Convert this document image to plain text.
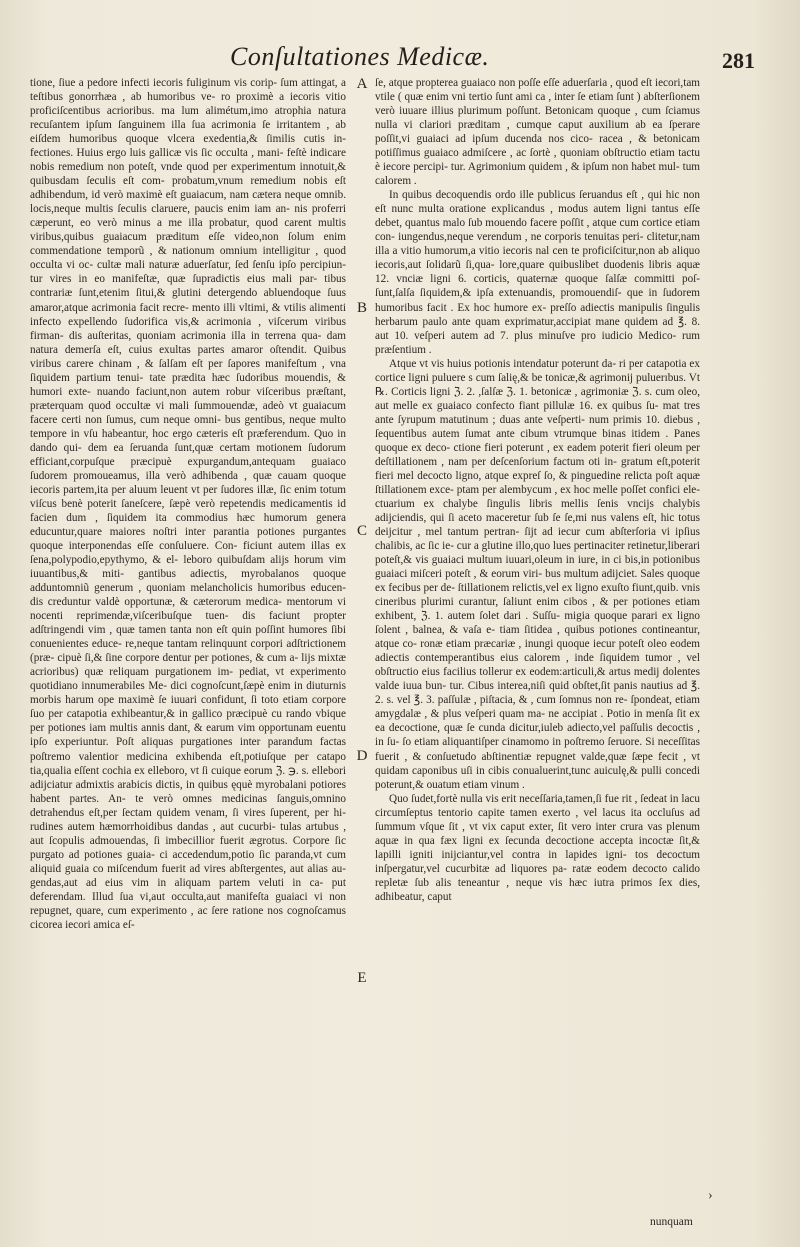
Conſultationes Medicæ.	281

tione, ſiue a pedore infecti iecoris fuliginum vis corip- ſum attingat, a teſtibus gonorrhæa , ab humoribus ve- ro proximè a iecoris vitio proficiſcentibus acrioribus. ma lum alimétum,imo atrophia natura recuſantem ipſum ſanguinem illa ſua acrimonia ſe irritantem , ab eiſdem humoribus quoque vlcera exedentia,& ſimilis cutis in- fectiones. Huius ergo luis gallicæ vis ſic occulta , mani- feſtè indicare nobis remedium non poteſt, vnde quod per experimentum innotuit,& quibusdam ſeculis eſt com- probatum,vnum remedium nobis eſt adhibendum, id verò maximè eſt guaiacum, nam cætera neque omnib. locis,neque multis ſeculis claruere, paucis enim iam an- nis proferri cæperunt, eo verò minus a me illa probatur, quod carent multis viribus,quibus guaiacum præditum eſſe video,non ſolum enim commendatione temporũ , & nationum omnium intelligitur , quod occulta vi oc- cultæ mali naturæ aduerſatur, ſed ſenſu ipſo percipiun- tur vires in eo manifeſtæ, quæ ſupradictis eius mali par- tibus contrariæ ſunt,etenim ſitui,& glutini detergendo abluendoque ſuus amaror,atque acrimonia facit recre- mento illi vltimi, & vtilis alimenti infecto expellendo ſudorifica vis,& acrimonia , viſcerum viribus firman- dis auſteritas, quoniam acrimonia illa in terrena qua- dam natura demerſa eſt, cuius exultas partes amaror oſtendit. Quibus viribus carere chinam , & ſalſam eſt per ſapores manifeſtum , vna ſiquidem partium tenui- tate prædita hæc ſudoribus mouendis, & humori exte- nuando faciunt,non autem robur viſceribus præſtant, præterquam quod occultæ vi mali ſummouendæ, adeò vt guaiacum facere certi non ſumus, cum neque omni- bus gentibus, neque multo tempore in vſu habeantur, hoc ergo cæteris eſt præferendum. Quo in dando qui- dem ea ſeruanda ſunt,quæ certam motionem ſudorum efficiant,corpuſque præcipuè expurgandum,antequam guaiaco ſudorem promoueamus, illa verò adhibenda , quæ cauam quoque iecoris partem,ita per aluum leuent vt per ſudores illæ, ſic enim totum viſcus benè poterit ſaneſcere, ſæpè verò repetendis medicamentis id facien dum , ſiquidem ita commodius hæc humorum genera educuntur,quare maiores noſtri inter parantia potiones purgantes quoque interponendas eſſe conſuluere. Con- ficiunt autem illas ex ſena,polypodio,epythymo, & el- leboro quibuſdam alijs horum vim iuuantibus,& miti- gantibus adiectis, myrobalanos quoque adduntomniũ generum , quoniam melancholicis humoribus educen- dis creduntur valdè opportunæ, & cæterorum medica- mentorum vi nocenti reprimendæ,viſceribuſque tuen- dis faciunt propter adſtringendi vim , quæ tamen tanta non eſt quin poſſint humores ſibi conuenientes educe- re,neque tantam relinquunt corpori adſtrictionem (præ- cipuè ſi,& ſine corpore dentur per potiones, & cum a- lijs mixtæ acrioribus) quæ reliquam purgationem im- pediat, vt experimento quotidiano innumerabiles Me- dici cognoſcunt,ſæpè enim in diuturnis morbis harum ope maximè ſe iuuari confidunt, ſi toto etiam corpore ſuo per catapotia exhibeantur,& in gallico præcipuè cu rando vbique per potiones iam multis annis dant, & earum vim opportunam euentu ipſo experiuntur. Poſt aliquas purgationes inter parandum factas poſtremo valentior medicina exhibenda eſt,potiuſque per catapo tia,qualia eſſent cochia ex elleboro, vt ſi cuique eorum ℨ. ℈. s. ellebori adijciatur admixtis arabicis dictis, in quibus ęquè myrobalani potiores habent partes. An- te verò omnes medicinas ſanguis,omnino detrahendus eſt,per ſectam quidem venam, ſi vires ſuperent, per hi- rudines autem hæmorrhoidibus dandas , aut cucurbi- tulas artubus , aut ſcopulis admouendas, ſi imbecillior fuerit ægrotus. Corpore ſic purgato ad potiones guaia- ci accedendum,potio ſic paranda,vt cum aliquid guaia co miſcendum fuerit ad vires abſtergentes, aut alias au- gendas,aut ad eius vim in aliquam partem veluti in ca- put deferendam. Illud ſua vi,aut occulta,aut manifeſta guaiaci vi non repugnet, quare, cum experimento , ac ſere ratione nos cognoſcamus cicorea iecori amica eſ-

A
B
C
D
E

ſe, atque propterea guaiaco non poſſe eſſe aduerſaria , quod eſt iecori,tam vtile ( quæ enim vni tertio ſunt ami ca , inter ſe etiam ſunt ) abſterſionem verò iuuare illius plurimum poſſunt. Betonicam quoque , cum ſciamus nulla vi clariori præditam , cumque caput auxilium ab ea ſperare poſſit,vi guaiaci ad ipſum ducenda nos cico- racea , & betonicam potiſſimus guaiaco admiſcere , ac ſortè , quoniam obſtructio etiam tactu è iecore percipi- tur. Agrimonium quidem , & ipſum non habet mul- tum calorem .

In quibus decoquendis ordo ille publicus ſeruandus eſt , qui hic non eſt nunc multa oratione explicandus , modus autem ligni tantus eſſe debet, quantus malo ſub mouendo facere poſſit , atque cum cortice etiam con- iungendus,neque verendum , ne corporis tenuitas peri- clitetur,nam illa a vitio humorum,a vitio iecoris nal cen te proficiſcitur,non ab aliquo iecoris,aut ſolidarũ ſi,qua- lore,quare quibuslibet duodenis libris aquæ 12. vnciæ ligni 6. corticis, quaternæ quoque ſalſæ committi poſ- ſunt,ſalſa ſiquidem,& ipſa extenuandis, promouendiſ- que in ſudorem humoribus facit . Ex hoc humore ex- preſſo adiectis manipulis ſingulis herbarum paulo ante quam exprimatur,accipiat mane quidem ad ℥. 8. aut 10. veſperi autem ad 7. plus minuſve pro iudicio Medico- rum præſentium .

Atque vt vis huius potionis intendatur poterunt da- ri per catapotia ex cortice ligni puluere s cum ſalię,& be tonicæ,& agrimonij puluerıbus. Vt ℞. Corticis ligni ℨ. 2. ,ſalſæ ℨ. 1. betonicæ , agrimoniæ ℨ. s. cum oleo, aut melle ex guaiaco confecto fiant pillulæ 16. ex quibus ſu- mat tres ante ſyrupum matutinum ; duas ante veſperti- num primis 10. diebus , ſequentibus autem ſumat ante cibum vtrumque binas itidem . Panes quoque ex deco- ctione fieri poterunt , ex eadem poterit fieri oleum per deſtillationem , nam per deſcenſorium factum oti in- gratum eſt,poterit fieri mel decocto ligno, atque expreſ ſo, & pinguedine relicta poſt aquæ ſtillationem exce- ptam per alembycum , ex hoc melle poſſet confici ele- ctuarium ex chalybe ſingulis libris mellis ſenis vncijs chalybis adijciendis, qui ſi aceto maceretur ſub ſe ſe,mi nus valens eſt, hic totus deijcitur , mel tantum pertran- ſijt ad iecur cum abſterſoria vi ipſius chalibis, ac ſic ie- cur a glutine illo,quo lues pertinaciter retinetur,liberari poteſt,& vis guaiaci multum iuuari,oleum in iure, in ci bis,in potionibus guaiaci miſceri poteſt , & eorum viri- bus multum adijciet. Sales quoque ex fecibus per de- ſtillationem relictis,vel ex ligno exuſto fiunt,quib. vnis cineribus plurimi curantur, ſaliunt enim cibos , & per potiones etiam exhibent, ℨ. 1. autem ſolet dari . Suſſu- migia quoque parari ex ligno ſolent , balnea, & vaſa e- tiam ſitidea , quibus potiones contineantur, atque co- ronæ etiam præcariæ , inungi quoque iecur poteſt oleo eodem adiectis contemperantibus eius calorem , inde ſiquidem tumor , vel obſtructio eius facilius tollerur ex eodem:articuli,& artus medij dolentes valde iuua bun- tur. Cibus interea,niſi quid obſtet,ſit panis nautius ad ℥. 2. s. vel ℥. 3. paſſulæ , piſtacia, & , cum ſomnus non re- ſpondeat, etiam amygdalæ , & plus veſperi quam ma- ne accipiat . Potio in menſa ſit ex ea decoctione, quæ ſe cunda dicitur,iuleb adiecto,vel paſſulis decoctis , in ſu- ſo etiam aliquantiſper cinamomo in poſtremo ſeruore. Si neceſſitas fuerit , & conſuetudo abſtinentiæ repugnet valde,quæ ſæpe fecit , vt quidam caponibus uſi in cibis conualuerint,tunc auiculę,& pulli concedi poterunt,& ouatum etiam vinum .

Quo ſudet,fortè nulla vis erit neceſſaria,tamen,ſi fue rit , ſedeat in lacu circumſeptus tentorio capite tamen exerto , vel lacus ita occluſus ad ſummum vſque ſit , vt vix caput exter, ſit vero inter crura vas plenum aquæ in qua fæx ligni ex ſecunda decoctione accepta incoctæ ſit,& lapilli igniti inijciantur,vel contra in lapides igni- tos decoctum inſpergatur,vel cucurbitæ ad liquores pa- ratæ eodem decocto calido repletæ ſub alis teneantur , neque vis hæc iutra primos ſex dies, adhibeatur, caput

›
nunquam
